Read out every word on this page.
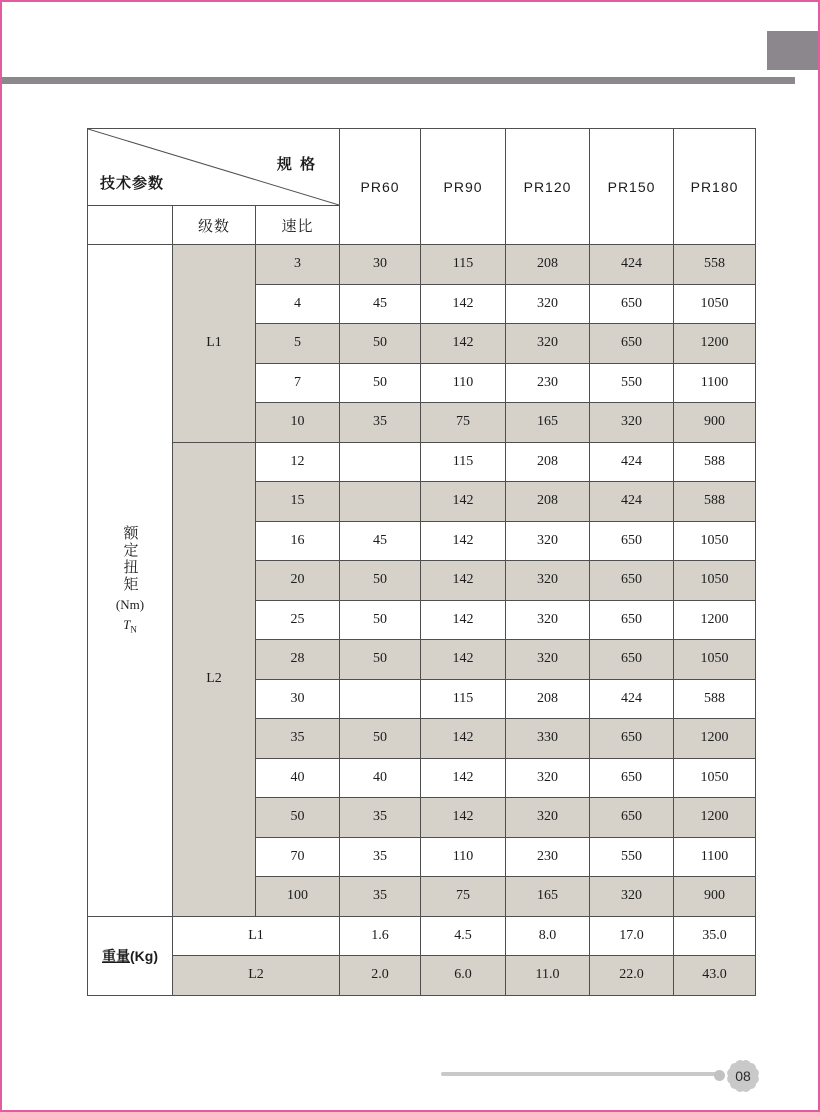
规 格
技术参数			PR60	PR90	PR120	PR150	PR180
	级数	速比					

额定扭矩
(Nm)
$T_N$	L1	3	30	115	208	424	558
		4	45	142	320	650	1050
		5	50	142	320	650	1200
		7	50	110	230	550	1100
		10	35	75	165	320	900
	L2	12		115	208	424	588
		15		142	208	424	588
		16	45	142	320	650	1050
		20	50	142	320	650	1050
		25	50	142	320	650	1200
		28	50	142	320	650	1050
		30		115	208	424	588
		35	50	142	330	650	1200
		40	40	142	320	650	1050
		50	35	142	320	650	1200
		70	35	110	230	550	1100
		100	35	75	165	320	900
重量(Kg)	L1		1.6	4.5	8.0	17.0	35.0
	L2		2.0	6.0	11.0	22.0	43.0
08
